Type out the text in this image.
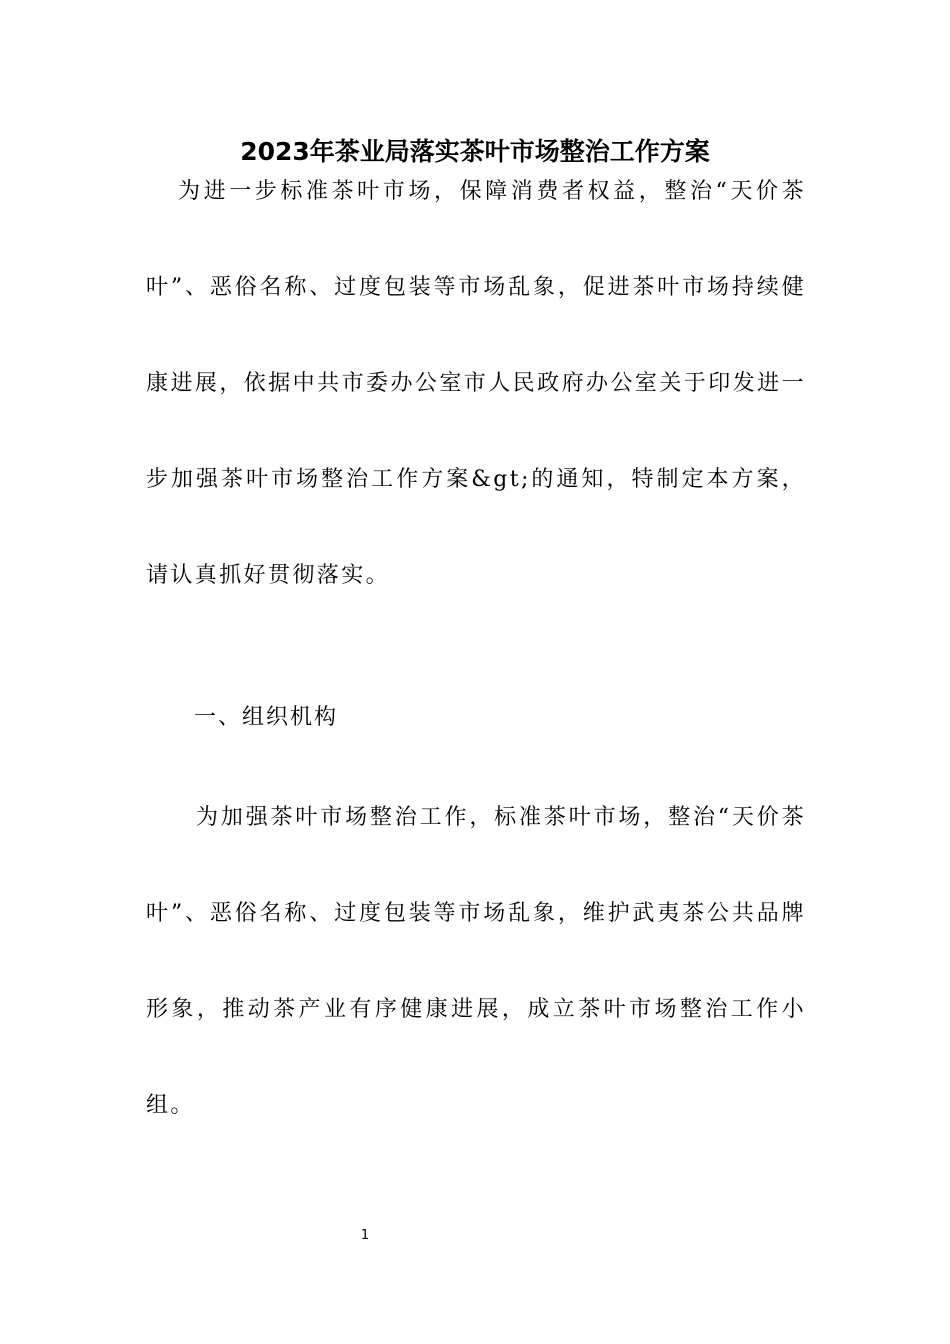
2023年茶业局落实茶叶市场整治工作方案

为进一步标准茶叶市场，保障消费者权益，整治“天价茶叶”、恶俗名称、过度包装等市场乱象，促进茶叶市场持续健康进展，依据中共市委办公室市人民政府办公室关于印发进一步加强茶叶市场整治工作方案&gt;的通知，特制定本方案，请认真抓好贯彻落实。

一、组织机构

为加强茶叶市场整治工作，标准茶叶市场，整治“天价茶叶”、恶俗名称、过度包装等市场乱象，维护武夷茶公共品牌形象，推动茶产业有序健康进展，成立茶叶市场整治工作小组。

1
